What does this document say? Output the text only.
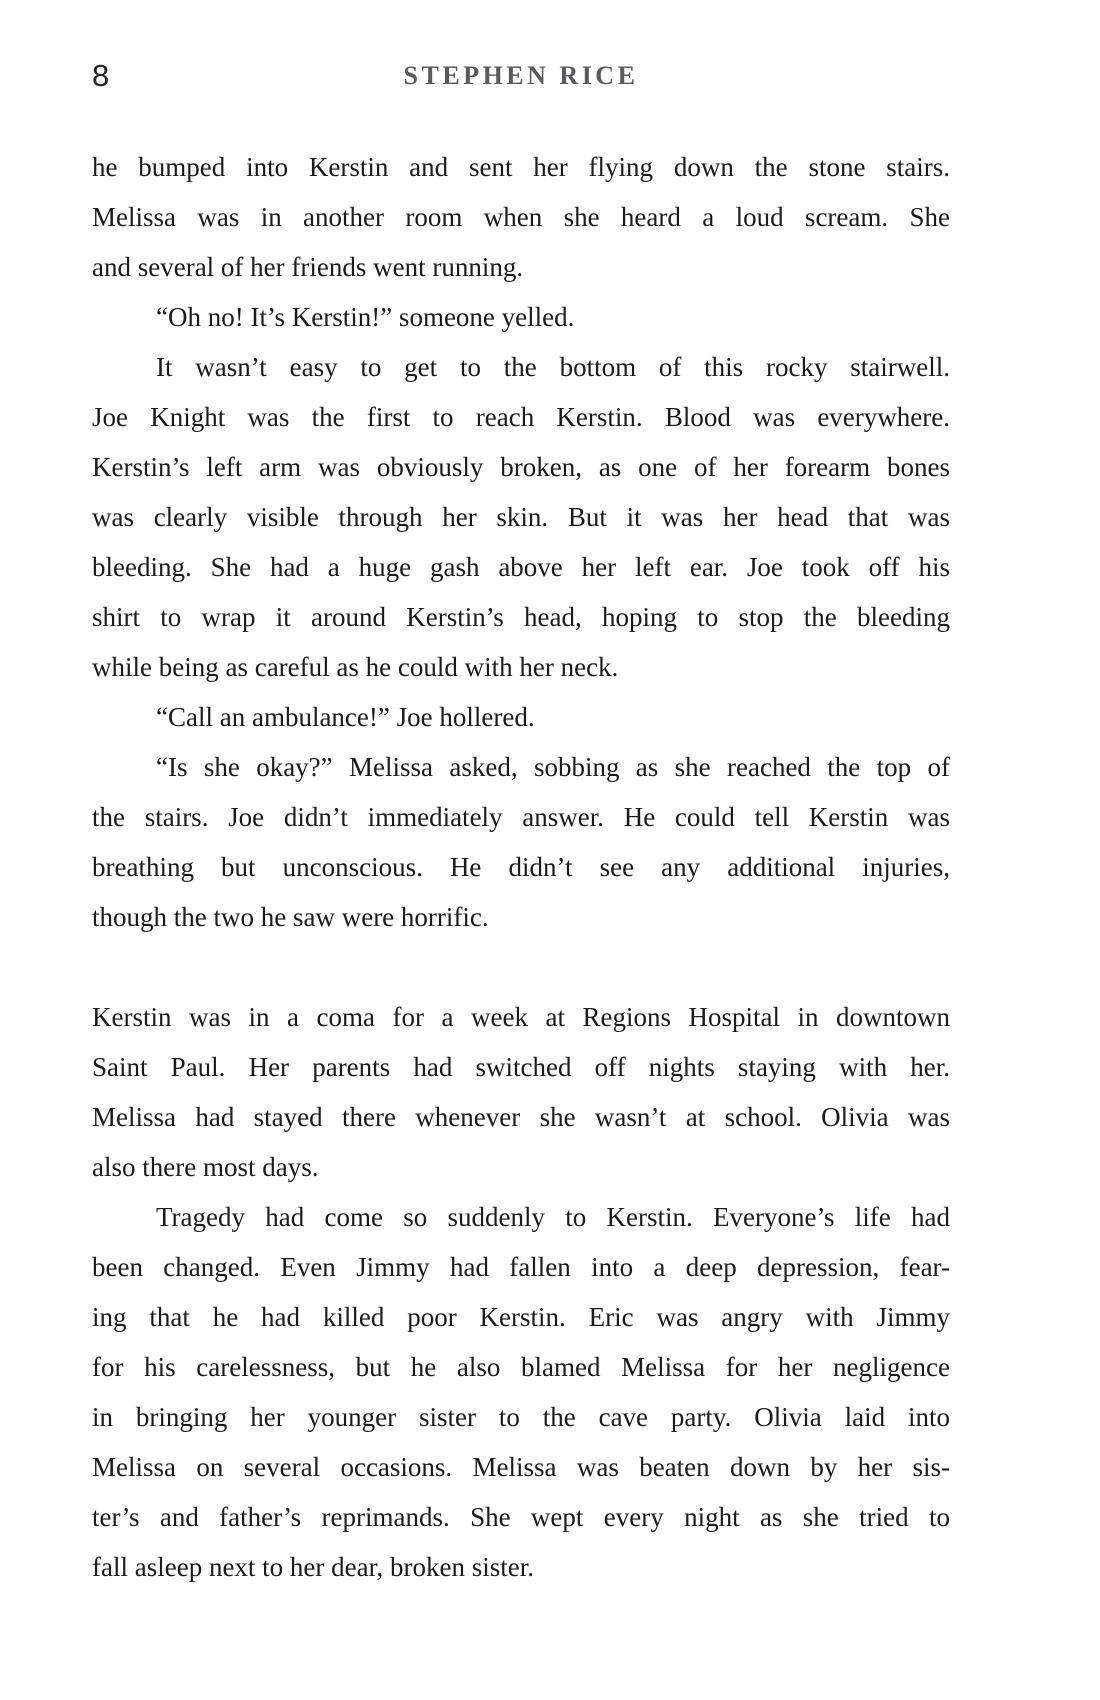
8	STEPHEN RICE
he bumped into Kerstin and sent her flying down the stone stairs.
Melissa was in another room when she heard a loud scream. She
and several of her friends went running.
“Oh no! It’s Kerstin!” someone yelled.
It wasn’t easy to get to the bottom of this rocky stairwell.
Joe Knight was the first to reach Kerstin. Blood was everywhere.
Kerstin’s left arm was obviously broken, as one of her forearm bones
was clearly visible through her skin. But it was her head that was
bleeding. She had a huge gash above her left ear. Joe took off his
shirt to wrap it around Kerstin’s head, hoping to stop the bleeding
while being as careful as he could with her neck.
“Call an ambulance!” Joe hollered.
“Is she okay?” Melissa asked, sobbing as she reached the top of
the stairs. Joe didn’t immediately answer. He could tell Kerstin was
breathing but unconscious. He didn’t see any additional injuries,
though the two he saw were horrific.
Kerstin was in a coma for a week at Regions Hospital in downtown
Saint Paul. Her parents had switched off nights staying with her.
Melissa had stayed there whenever she wasn’t at school. Olivia was
also there most days.
Tragedy had come so suddenly to Kerstin. Everyone’s life had
been changed. Even Jimmy had fallen into a deep depression, fear-
ing that he had killed poor Kerstin. Eric was angry with Jimmy
for his carelessness, but he also blamed Melissa for her negligence
in bringing her younger sister to the cave party. Olivia laid into
Melissa on several occasions. Melissa was beaten down by her sis-
ter’s and father’s reprimands. She wept every night as she tried to
fall asleep next to her dear, broken sister.
